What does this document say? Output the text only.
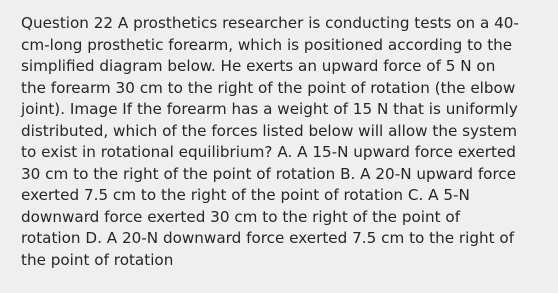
Question 22 A prosthetics researcher is conducting tests on a 40-
cm-long prosthetic forearm, which is positioned according to the
simplified diagram below. He exerts an upward force of 5 N on
the forearm 30 cm to the right of the point of rotation (the elbow
joint). Image If the forearm has a weight of 15 N that is uniformly
distributed, which of the forces listed below will allow the system
to exist in rotational equilibrium? A. A 15-N upward force exerted
30 cm to the right of the point of rotation B. A 20-N upward force
exerted 7.5 cm to the right of the point of rotation C. A 5-N
downward force exerted 30 cm to the right of the point of
rotation D. A 20-N downward force exerted 7.5 cm to the right of
the point of rotation
